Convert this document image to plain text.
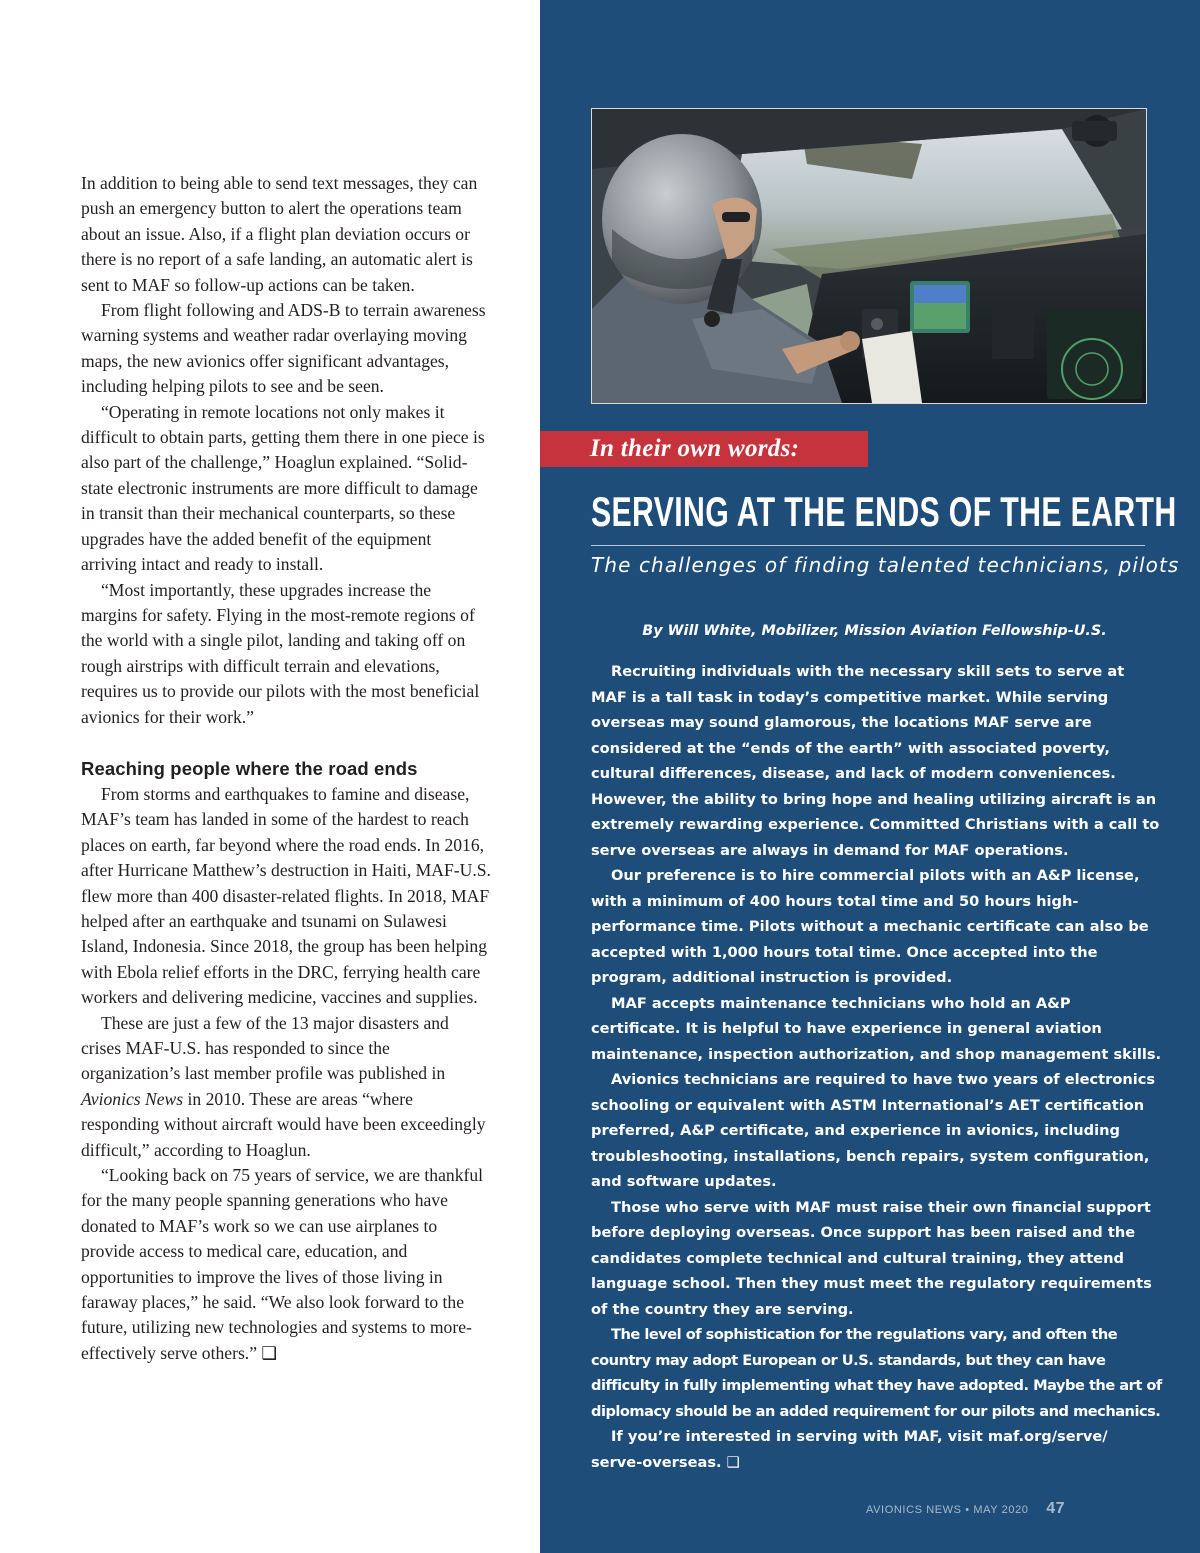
In addition to being able to send text messages, they can push an emergency button to alert the operations team about an issue. Also, if a flight plan deviation occurs or there is no report of a safe landing, an automatic alert is sent to MAF so follow-up actions can be taken.

From flight following and ADS-B to terrain awareness warning systems and weather radar overlaying moving maps, the new avionics offer significant advantages, including helping pilots to see and be seen.

“Operating in remote locations not only makes it difficult to obtain parts, getting them there in one piece is also part of the challenge,” Hoaglun explained. “Solid-state electronic instruments are more difficult to damage in transit than their mechanical counterparts, so these upgrades have the added benefit of the equipment arriving intact and ready to install.

“Most importantly, these upgrades increase the margins for safety. Flying in the most-remote regions of the world with a single pilot, landing and taking off on rough airstrips with difficult terrain and elevations, requires us to provide our pilots with the most beneficial avionics for their work.”

Reaching people where the road ends

From storms and earthquakes to famine and disease, MAF’s team has landed in some of the hardest to reach places on earth, far beyond where the road ends. In 2016, after Hurricane Matthew’s destruction in Haiti, MAF-U.S. flew more than 400 disaster-related flights. In 2018, MAF helped after an earthquake and tsunami on Sulawesi Island, Indonesia. Since 2018, the group has been helping with Ebola relief efforts in the DRC, ferrying health care workers and delivering medicine, vaccines and supplies.

These are just a few of the 13 major disasters and crises MAF-U.S. has responded to since the organization’s last member profile was published in Avionics News in 2010. These are areas “where responding without aircraft would have been exceedingly difficult,” according to Hoaglun.

“Looking back on 75 years of service, we are thankful for the many people spanning generations who have donated to MAF’s work so we can use airplanes to provide access to medical care, education, and opportunities to improve the lives of those living in faraway places,” he said. “We also look forward to the future, utilizing new technologies and systems to more-effectively serve others.” ❑

In their own words:
SERVING AT THE ENDS OF THE EARTH
The challenges of finding talented technicians, pilots
By Will White, Mobilizer, Mission Aviation Fellowship-U.S.

Recruiting individuals with the necessary skill sets to serve at MAF is a tall task in today’s competitive market. While serving overseas may sound glamorous, the locations MAF serve are considered at the “ends of the earth” with associated poverty, cultural differences, disease, and lack of modern conveniences. However, the ability to bring hope and healing utilizing aircraft is an extremely rewarding experience. Committed Christians with a call to serve overseas are always in demand for MAF operations.

Our preference is to hire commercial pilots with an A&P license, with a minimum of 400 hours total time and 50 hours high-performance time. Pilots without a mechanic certificate can also be accepted with 1,000 hours total time. Once accepted into the program, additional instruction is provided.

MAF accepts maintenance technicians who hold an A&P certificate. It is helpful to have experience in general aviation maintenance, inspection authorization, and shop management skills.

Avionics technicians are required to have two years of electronics schooling or equivalent with ASTM International’s AET certification preferred, A&P certificate, and experience in avionics, including troubleshooting, installations, bench repairs, system configuration, and software updates.

Those who serve with MAF must raise their own financial support before deploying overseas. Once support has been raised and the candidates complete technical and cultural training, they attend language school. Then they must meet the regulatory requirements of the country they are serving.

The level of sophistication for the regulations vary, and often the country may adopt European or U.S. standards, but they can have difficulty in fully implementing what they have adopted. Maybe the art of diplomacy should be an added requirement for our pilots and mechanics.

If you’re interested in serving with MAF, visit maf.org/serve/ serve-overseas. ❑

AVIONICS NEWS • MAY 2020 47
